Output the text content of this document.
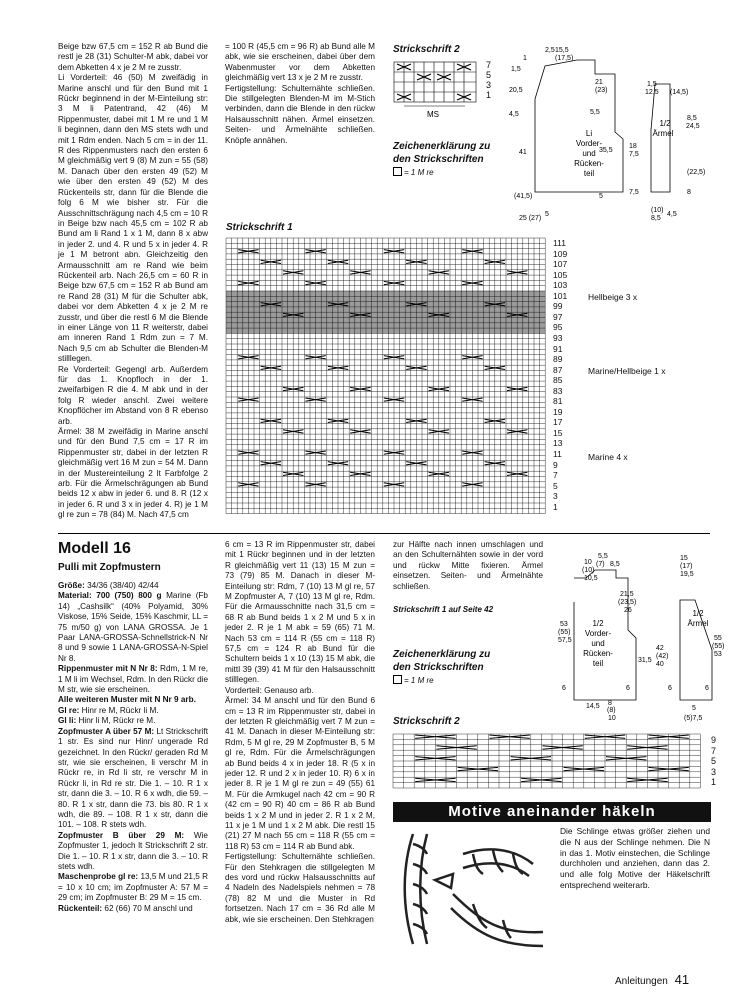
Beige bzw 67,5 cm = 152 R ab Bund die restl je 28 (31) Schulter-M abk, dabei vor dem Abketten 4 x je 2 M re zusstr.

Li Vorderteil: 46 (50) M zweifädig in Marine anschl und für den Bund mit 1 Rückr beginnend in der M-Einteilung str: 3 M li Patentrand, 42 (46) M Rippenmuster, dabei mit 1 M re und 1 M li beginnen, dann den MS stets wdh und mit 1 Rdm enden. Nach 5 cm = in der 11. R des Rippenmusters nach den ersten 6 M gleichmäßig vert 9 (8) M zun = 55 (58) M. Danach über den ersten 49 (52) M wie über den ersten 49 (52) M des Rückenteils str, dann für die Blende die folg 6 M wie bisher str. Für die Ausschnittschrägung nach 4,5 cm = 10 R in Beige bzw nach 45,5 cm = 102 R ab Bund am li Rand 1 x 1 M, dann 8 x abw in jeder 2. und 4. R und 5 x in jeder 4. R je 1 M betront abn. Gleichzeitig den Armausschnitt am re Rand wie beim Rückenteil arb. Nach 26,5 cm = 60 R in Beige bzw 67,5 cm = 152 R ab Bund am re Rand 28 (31) M für die Schulter abk, dabei vor dem Abketten 4 x je 2 M re zusstr, und über die restl 6 M die Blende in einer Länge von 11 R weiterstr, dabei am inneren Rand 1 Rdm zun = 7 M. Nach 9,5 cm ab Schulter die Blenden-M stilllegen.

Re Vorderteil: Gegengl arb. Außerdem für das 1. Knopfloch in der 1. zweifarbigen R die 4. M abk und in der folg R wieder anschl. Zwei weitere Knopflöcher im Abstand von 8 R ebenso arb.

Ärmel: 38 M zweifädig in Marine anschl und für den Bund 7,5 cm = 17 R im Rippenmuster str, dabei in der letzten R gleichmäßig vert 16 M zun = 54 M. Dann in der Mustereinteilung 2 lt Farbfolge 2 arb. Für die Ärmelschrägungen ab Bund beids 12 x abw in jeder 6. und 8. R (12 x in jeder 6. R und 3 x in jeder 4. R) je 1 M gl re zun = 78 (84) M. Nach 47,5 cm

= 100 R (45,5 cm = 96 R) ab Bund alle M abk, wie sie erscheinen, dabei über dem Wabenmuster vor dem Abketten gleichmäßig vert 13 x je 2 M re zusstr.

Fertigstellung: Schulternähte schließen. Die stillgelegten Blenden-M im M-Stich verbinden, dann die Blende in den rückw Halsausschnitt nähen. Ärmel einsetzen. Seiten- und Ärmelnähte schließen. Knöpfe annähen.

Strickschrift 2
MS
7
5
3
1
Zeichenerklärung zu den Strickschriften
= 1 M re
Li Vorder-und Rücken-teil
1/2 Ärmel
2,5 15,5
(17,5)
1
1,5
21
(23)
20,5
4,5	5,5
41	35,5
(41,5)	5
5
25 (27)
1,5
12,5 (14,5)
8,5
24,5
18
7,5
(22,5)
7,5	8
(10)
8,5
4,5
Strickschrift 1
111
109
107
105
103
101
99
97
95
93
91
89
87
85
83
81
19
17
15
13
11
9
7
5
3
1
Hellbeige 3 x
Marine/Hellbeige 1 x
Marine 4 x
Modell 16
Pulli mit Zopfmustern

Größe: 34/36 (38/40) 42/44

Material: 700 (750) 800 g Marine (Fb 14) „Cashsilk“ (40% Polyamid, 30% Viskose, 15% Seide, 15% Kaschmir, LL = 75 m/50 g) von LANA GROSSA. Je 1 Paar LANA-GROSSA-Schnellstrick-N Nr 8 und 9 sowie 1 LANA-GROSSA-N-Spiel Nr 8.

Rippenmuster mit N Nr 8: Rdm, 1 M re, 1 M li im Wechsel, Rdm. In den Rückr die M str, wie sie erscheinen.

Alle weiteren Muster mit N Nr 9 arb.

Gl re: Hinr re M, Rückr li M.

Gl li: Hinr li M, Rückr re M.

Zopfmuster A über 57 M: Lt Strickschrift 1 str. Es sind nur Hinr/ ungerade Rd gezeichnet. In den Rückr/ geraden Rd M str, wie sie erscheinen, li verschr M in Rückr re, in Rd li str, re verschr M in Rückr li, in Rd re str. Die 1. – 10. R 1 x str, dann die 3. – 10. R 6 x wdh, die 59. – 80. R 1 x str, dann die 73. bis 80. R 1 x wdh, die 89. – 108. R 1 x str, dann die 101. – 108. R stets wdh.

Zopfmuster B über 29 M: Wie Zopfmuster 1, jedoch lt Strickschrift 2 str. Die 1. – 10. R 1 x str, dann die 3. – 10. R stets wdh.

Maschenprobe gl re: 13,5 M und 21,5 R = 10 x 10 cm; im Zopfmuster A: 57 M = 29 cm; im Zopfmuster B: 29 M = 15 cm.

Rückenteil: 62 (66) 70 M anschl und

6 cm = 13 R im Rippenmuster str, dabei mit 1 Rückr beginnen und in der letzten R gleichmäßig vert 11 (13) 15 M zun = 73 (79) 85 M. Danach in dieser M-Einteilung str: Rdm, 7 (10) 13 M gl re, 57 M Zopfmuster A, 7 (10) 13 M gl re, Rdm. Für die Armausschnitte nach 31,5 cm = 68 R ab Bund beids 1 x 2 M und 5 x in jeder 2. R je 1 M abk = 59 (65) 71 M. Nach 53 cm = 114 R (55 cm = 118 R) 57,5 cm = 124 R ab Bund für die Schultern beids 1 x 10 (13) 15 M abk, die mittl 39 (39) 41 M für den Halsausschnitt stilllegen.

Vorderteil: Genauso arb.

Ärmel: 34 M anschl und für den Bund 6 cm = 13 R im Rippenmuster str, dabei in der letzten R gleichmäßig vert 7 M zun = 41 M. Danach in dieser M-Einteilung str: Rdm, 5 M gl re, 29 M Zopfmuster B, 5 M gl re, Rdm. Für die Ärmelschrägungen ab Bund beids 4 x in jeder 18. R (5 x in jeder 12. R und 2 x in jeder 10. R) 6 x in jeder 8. R je 1 M gl re zun = 49 (55) 61 M. Für die Armkugel nach 42 cm = 90 R (42 cm = 90 R) 40 cm = 86 R ab Bund beids 1 x 2 M und in jeder 2. R 1 x 2 M, 11 x je 1 M und 1 x 2 M abk. Die restl 15 (21) 27 M nach 55 cm = 118 R (55 cm = 118 R) 53 cm = 114 R ab Bund abk.

Fertigstellung: Schulternähte schließen. Für den Stehkragen die stillgelegten M des vord und rückw Halsausschnitts auf 4 Nadeln des Nadelspiels nehmen = 78 (78) 82 M und die Muster in Rd fortsetzen. Nach 17 cm = 36 Rd alle M abk, wie sie erscheinen. Den Stehkragen

zur Hälfte nach innen umschlagen und an den Schulternähten sowie in der vord und rückw Mitte fixieren. Ärmel einsetzen. Seiten- und Ärmelnähte schließen.

Strickschrift 1 auf Seite 42
Zeichenerklärung zu den Strickschriften
= 1 M re
1/2 Vorder-und Rücken-teil
1/2 Ärmel
5,5
(7) 8,5
10
(10)
10,5
15
(17)
19,5
21,5
(23,5)
26
53
(55)
57,5
31,5
42
(42)
40
55
(55)
53
6	6
14,5 8
(8)
10
6	6
5
(5)7,5
Strickschrift 2
9
7
5
3
1
Motive aneinander häkeln
Die Schlinge etwas größer ziehen und die N aus der Schlinge nehmen. Die N in das 1. Motiv einstechen, die Schlinge durchholen und anziehen, dann das 2. und alle folg Motive der Häkelschrift entsprechend weiterarb.
Anleitungen 41
